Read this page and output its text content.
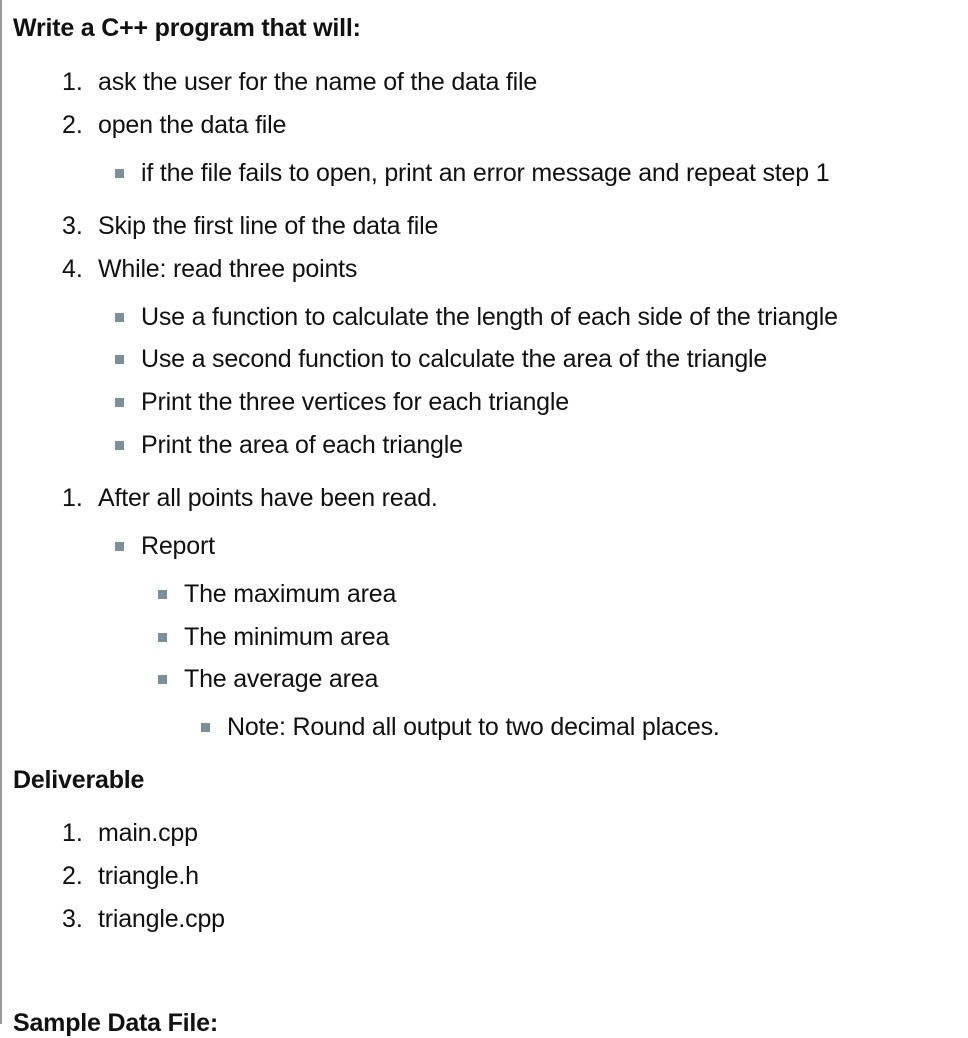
Write a C++ program that will:
1. ask the user for the name of the data file
2. open the data file
if the file fails to open, print an error message and repeat step 1
3. Skip the first line of the data file
4. While: read three points
Use a function to calculate the length of each side of the triangle
Use a second function to calculate the area of the triangle
Print the three vertices for each triangle
Print the area of each triangle
1. After all points have been read.
Report
The maximum area
The minimum area
The average area
Note: Round all output to two decimal places.
Deliverable
1. main.cpp
2. triangle.h
3. triangle.cpp
Sample Data File:
